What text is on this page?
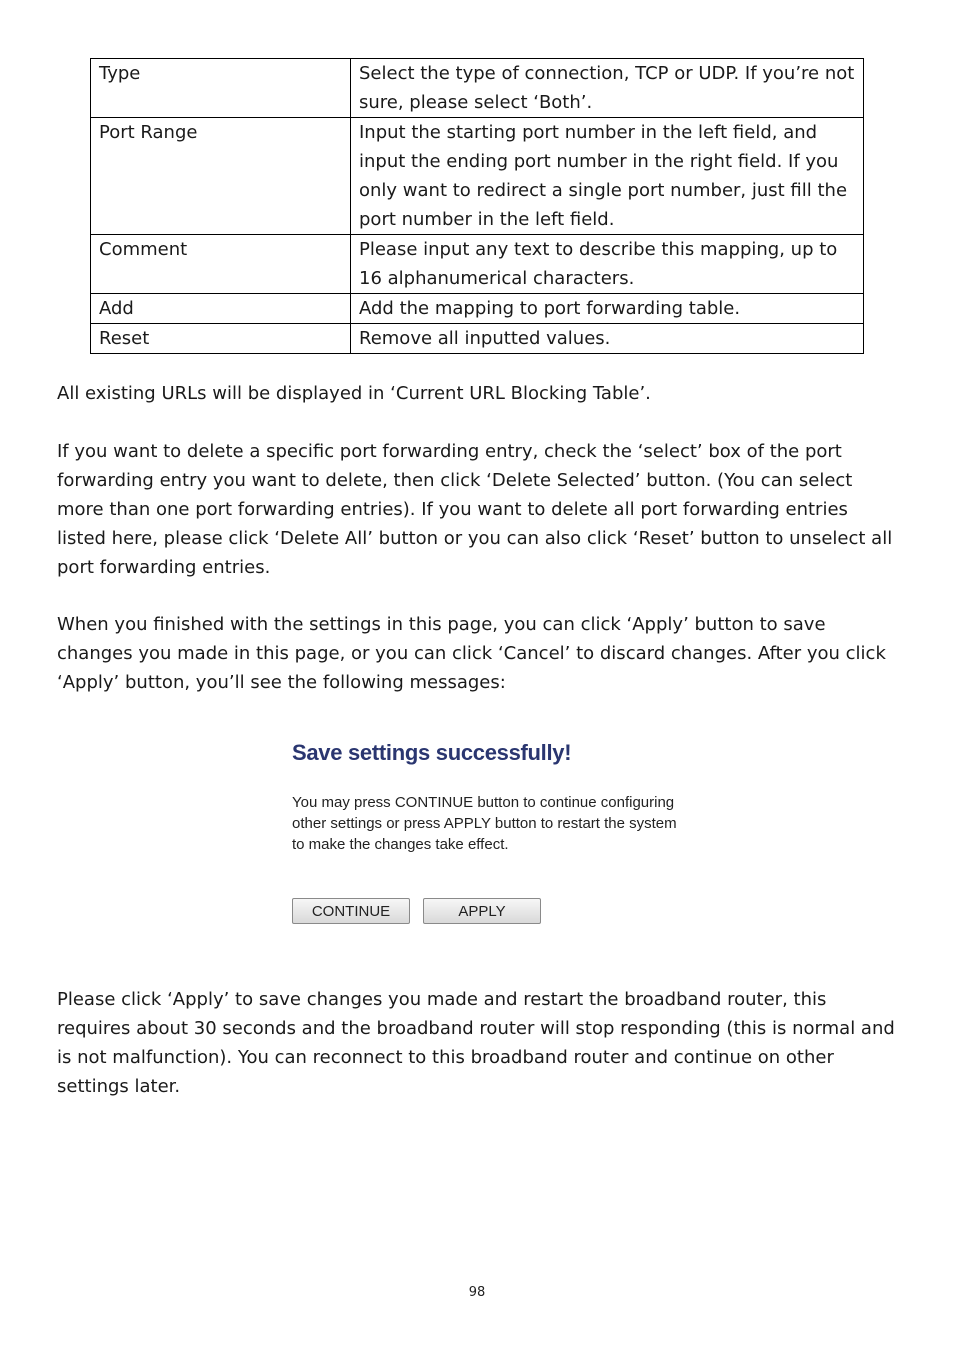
Type	Select the type of connection, TCP or UDP. If you’re not sure, please select ‘Both’.
Port Range	Input the starting port number in the left field, and input the ending port number in the right field. If you only want to redirect a single port number, just fill the port number in the left field.
Comment	Please input any text to describe this mapping, up to 16 alphanumerical characters.
Add	Add the mapping to port forwarding table.
Reset	Remove all inputted values.

All existing URLs will be displayed in ‘Current URL Blocking Table’.

If you want to delete a specific port forwarding entry, check the ‘select’ box of the port forwarding entry you want to delete, then click ‘Delete Selected’ button. (You can select more than one port forwarding entries). If you want to delete all port forwarding entries listed here, please click ‘Delete All’ button or you can also click ‘Reset’ button to unselect all port forwarding entries.

When you finished with the settings in this page, you can click ‘Apply’ button to save changes you made in this page, or you can click ‘Cancel’ to discard changes. After you click ‘Apply’ button, you’ll see the following messages:

Save settings successfully!

You may press CONTINUE button to continue configuring other settings or press APPLY button to restart the system to make the changes take effect.

CONTINUE	APPLY

Please click ‘Apply’ to save changes you made and restart the broadband router, this requires about 30 seconds and the broadband router will stop responding (this is normal and is not malfunction). You can reconnect to this broadband router and continue on other settings later.

98
